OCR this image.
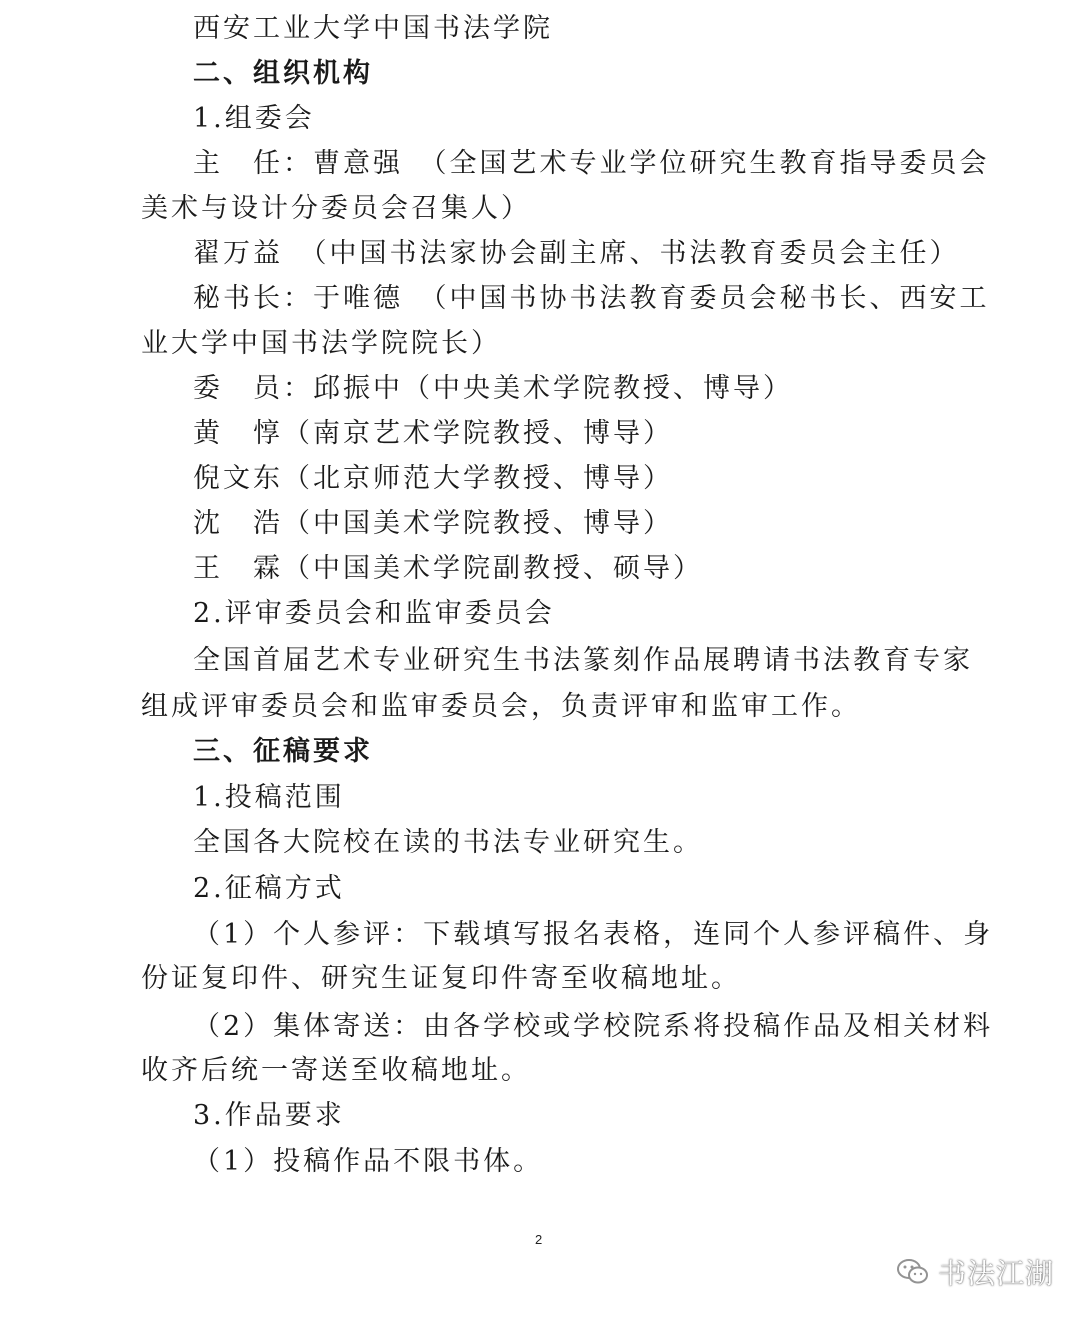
西安工业大学中国书法学院
二、组织机构
1.组委会
主　任：曹意强　（全国艺术专业学位研究生教育指导委员会
美术与设计分委员会召集人）
翟万益　（中国书法家协会副主席、书法教育委员会主任）
秘书长：于唯德　（中国书协书法教育委员会秘书长、西安工
业大学中国书法学院院长）
委　员：邱振中（中央美术学院教授、博导）
黄　惇（南京艺术学院教授、博导）
倪文东（北京师范大学教授、博导）
沈　浩（中国美术学院教授、博导）
王　霖（中国美术学院副教授、硕导）
2.评审委员会和监审委员会
全国首届艺术专业研究生书法篆刻作品展聘请书法教育专家
组成评审委员会和监审委员会，负责评审和监审工作。
三、征稿要求
1.投稿范围
全国各大院校在读的书法专业研究生。
2.征稿方式
（1）个人参评：下载填写报名表格，连同个人参评稿件、身
份证复印件、研究生证复印件寄至收稿地址。
（2）集体寄送：由各学校或学校院系将投稿作品及相关材料
收齐后统一寄送至收稿地址。
3.作品要求
（1）投稿作品不限书体。
2
书法江湖
